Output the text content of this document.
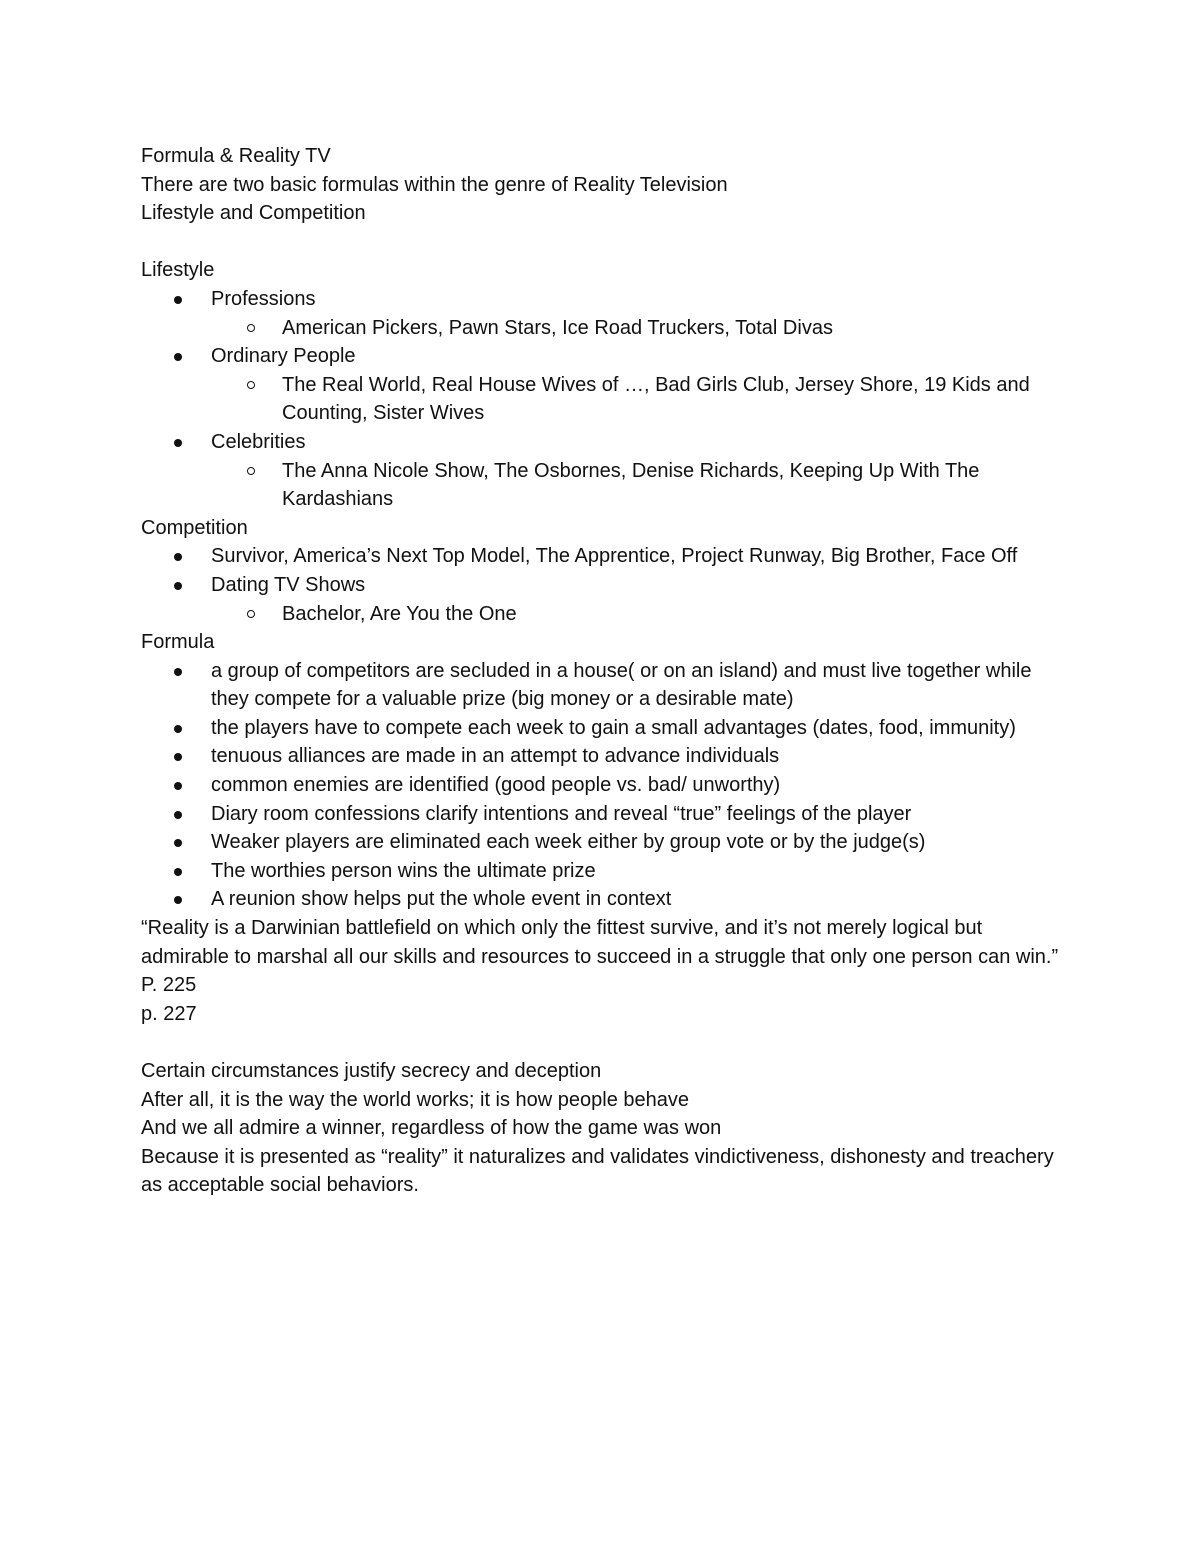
Formula & Reality TV

There are two basic formulas within the genre of Reality Television

Lifestyle and Competition

Lifestyle

Professions
American Pickers, Pawn Stars, Ice Road Truckers, Total Divas
Ordinary People
The Real World, Real House Wives of …, Bad Girls Club, Jersey Shore, 19 Kids and Counting, Sister Wives
Celebrities
The Anna Nicole Show, The Osbornes, Denise Richards, Keeping Up With The Kardashians

Competition

Survivor, America’s Next Top Model, The Apprentice, Project Runway, Big Brother, Face Off
Dating TV Shows
Bachelor, Are You the One

Formula

a group of competitors are secluded in a house( or on an island) and must live together while they compete for a valuable prize (big money or a desirable mate)
the players have to compete each week to gain a small advantages (dates, food, immunity)
tenuous alliances are made in an attempt to advance individuals
common enemies are identified (good people vs. bad/ unworthy)
Diary room confessions clarify intentions and reveal “true” feelings of the player
Weaker players are eliminated each week either by group vote or by the judge(s)
The worthies person wins the ultimate prize
A reunion show helps put the whole event in context

“Reality is a Darwinian battlefield on which only the fittest survive, and it’s not merely logical but admirable to marshal all our skills and resources to succeed in a struggle that only one person can win.” P. 225

p. 227

Certain circumstances justify secrecy and deception

After all, it is the way the world works; it is how people behave

And we all admire a winner, regardless of how the game was won

Because it is presented as “reality” it naturalizes and validates vindictiveness, dishonesty and treachery as acceptable social behaviors.
